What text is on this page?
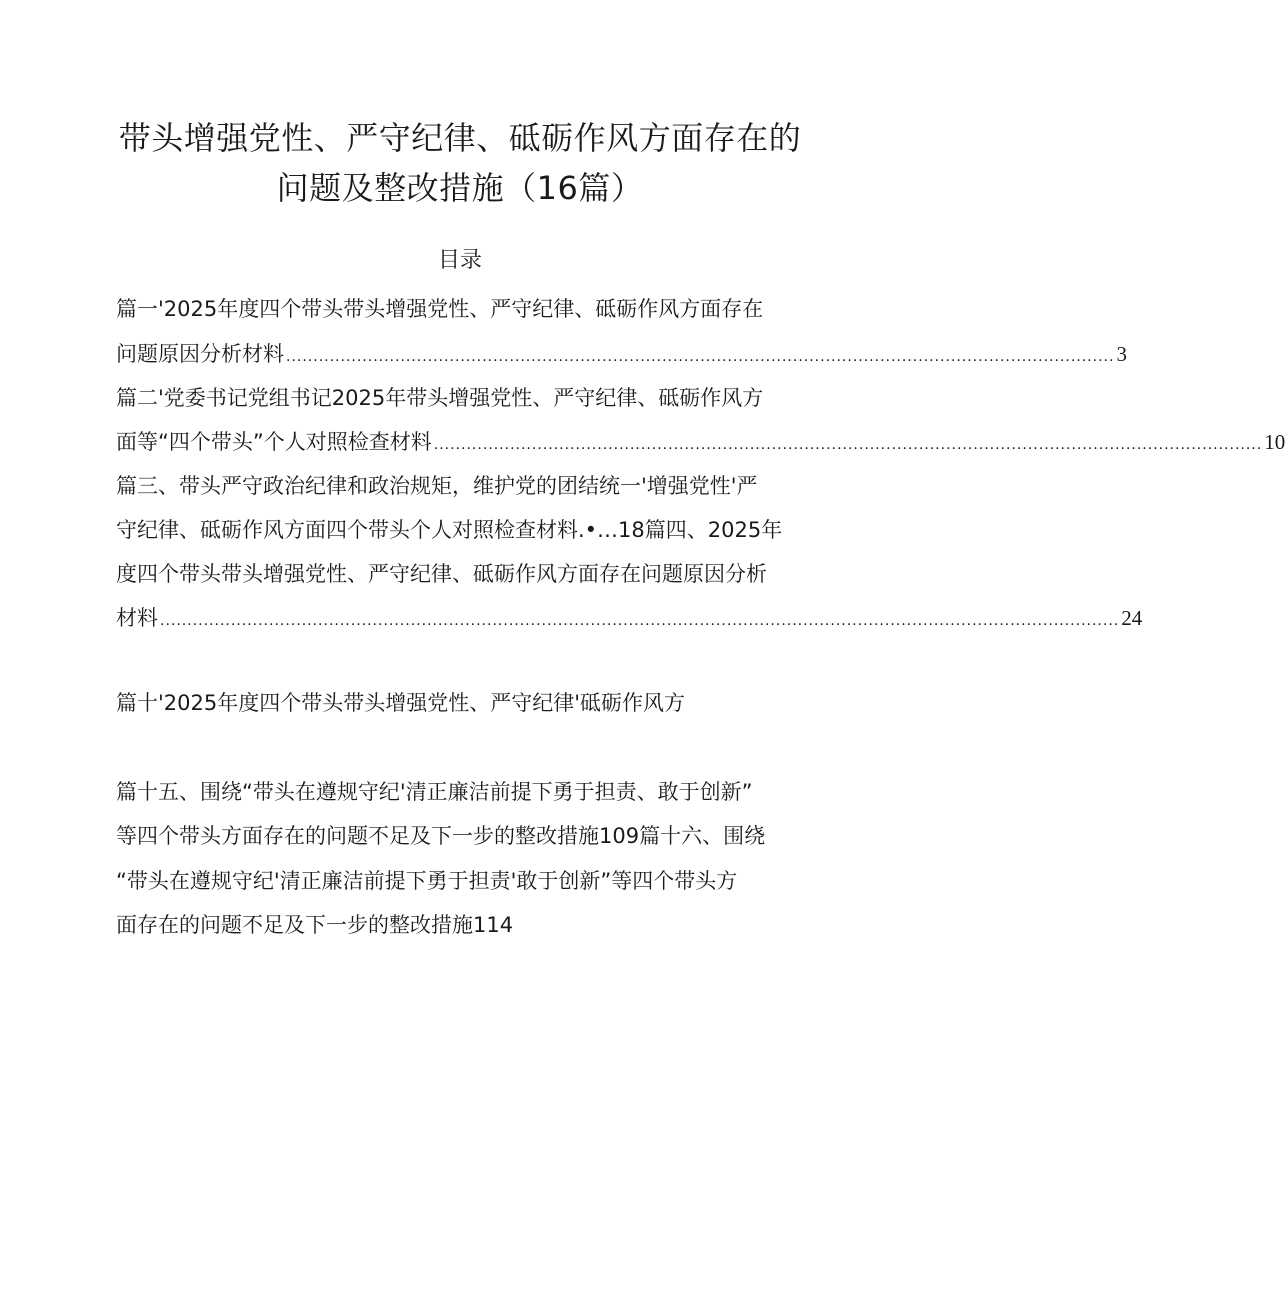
带头增强党性、严守纪律、砥砺作风方面存在的
问题及整改措施（16篇）
目录
篇一'2025年度四个带头带头增强党性、严守纪律、砥砺作风方面存在
问题原因分析材料 ........................................................................................................................................................ 3
篇二'党委书记党组书记2025年带头增强党性、严守纪律、砥砺作风方
面等“四个带头”个人对照检查材料 ........................................................................................................................................................ 10
篇三、带头严守政治纪律和政治规矩，维护党的团结统一'增强党性'严
守纪律、砥砺作风方面四个带头个人对照检查材料.•…18篇四、2025年
度四个带头带头增强党性、严守纪律、砥砺作风方面存在问题原因分析
材料 ................................................................................................................................................................................ 24
篇十'2025年度四个带头带头增强党性、严守纪律'砥砺作风方
篇十五、围绕“带头在遵规守纪'清正廉洁前提下勇于担责、敢于创新”
等四个带头方面存在的问题不足及下一步的整改措施109篇十六、围绕
“带头在遵规守纪'清正廉洁前提下勇于担责'敢于创新”等四个带头方
面存在的问题不足及下一步的整改措施114
